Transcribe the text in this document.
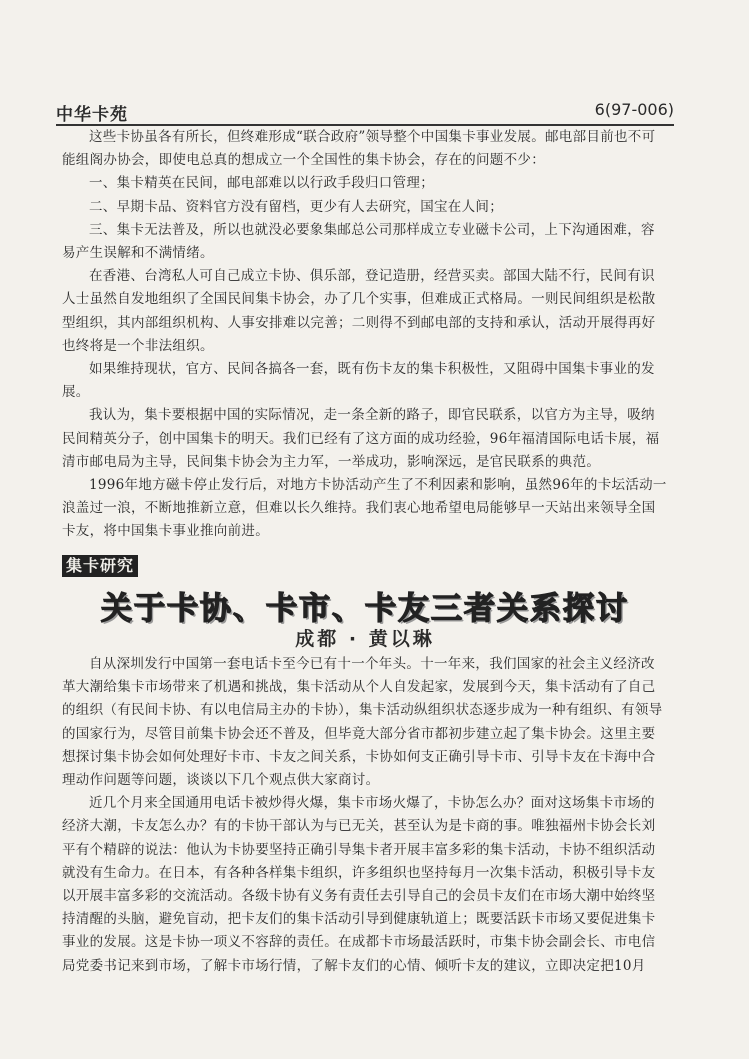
中华卡苑	6(97-006)

这些卡协虽各有所长，但终难形成“联合政府”领导整个中国集卡事业发展。邮电部目前也不可能组阁办协会，即使电总真的想成立一个全国性的集卡协会，存在的问题不少：

一、集卡精英在民间，邮电部难以以行政手段归口管理；

二、早期卡品、资料官方没有留档，更少有人去研究，国宝在人间；

三、集卡无法普及，所以也就没必要象集邮总公司那样成立专业磁卡公司，上下沟通困难，容易产生误解和不满情绪。

在香港、台湾私人可自己成立卡协、俱乐部，登记造册，经营买卖。部国大陆不行，民间有识人士虽然自发地组织了全国民间集卡协会，办了几个实事，但难成正式格局。一则民间组织是松散型组织，其内部组织机构、人事安排难以完善；二则得不到邮电部的支持和承认，活动开展得再好也终将是一个非法组织。

如果维持现状，官方、民间各搞各一套，既有伤卡友的集卡积极性，又阻碍中国集卡事业的发展。

我认为，集卡要根据中国的实际情况，走一条全新的路子，即官民联系，以官方为主导，吸纳民间精英分子，创中国集卡的明天。我们已经有了这方面的成功经验，96年福清国际电话卡展，福清市邮电局为主导，民间集卡协会为主力军，一举成功，影响深远，是官民联系的典范。

1996年地方磁卡停止发行后，对地方卡协活动产生了不利因素和影响，虽然96年的卡坛活动一浪盖过一浪，不断地推新立意，但难以长久维持。我们衷心地希望电局能够早一天站出来领导全国卡友，将中国集卡事业推向前进。

集卡研究
关于卡协、卡市、卡友三者关系探讨
成都 · 黄以琳

自从深圳发行中国第一套电话卡至今已有十一个年头。十一年来，我们国家的社会主义经济改革大潮给集卡市场带来了机遇和挑战，集卡活动从个人自发起家，发展到今天，集卡活动有了自己的组织（有民间卡协、有以电信局主办的卡协），集卡活动纵组织状态逐步成为一种有组织、有领导的国家行为，尽管目前集卡协会还不普及，但毕竟大部分省市都初步建立起了集卡协会。这里主要想探讨集卡协会如何处理好卡市、卡友之间关系，卡协如何支正确引导卡市、引导卡友在卡海中合理动作问题等问题，谈谈以下几个观点供大家商讨。

近几个月来全国通用电话卡被炒得火爆，集卡市场火爆了，卡协怎么办？面对这场集卡市场的经济大潮，卡友怎么办？有的卡协干部认为与已无关，甚至认为是卡商的事。唯独福州卡协会长刘平有个精辟的说法：他认为卡协要坚持正确引导集卡者开展丰富多彩的集卡活动，卡协不组织活动就没有生命力。在日本，有各种各样集卡组织，许多组织也坚持每月一次集卡活动，积极引导卡友以开展丰富多彩的交流活动。各级卡协有义务有责任去引导自己的会员卡友们在市场大潮中始终坚持清醒的头脑，避免盲动，把卡友们的集卡活动引导到健康轨道上；既要活跃卡市场又要促进集卡事业的发展。这是卡协一项义不容辞的责任。在成都卡市场最活跃时，市集卡协会副会长、市电信局党委书记来到市场，了解卡市场行情，了解卡友们的心情、倾听卡友的建议，立即决定把10月
